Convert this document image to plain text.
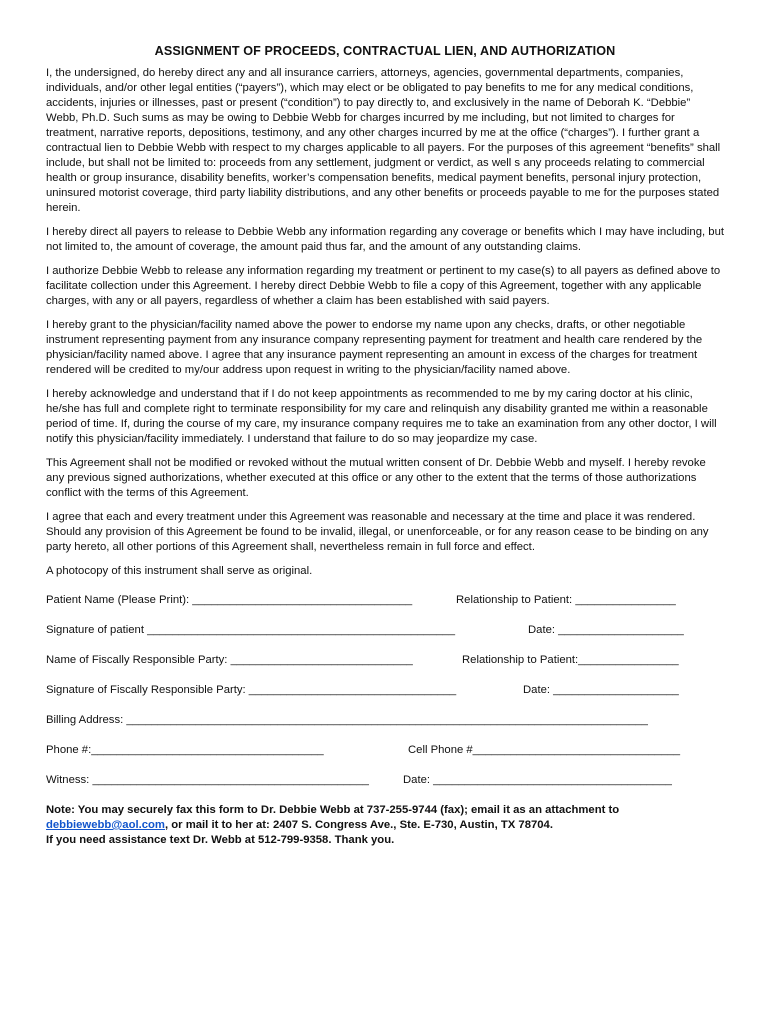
ASSIGNMENT OF PROCEEDS, CONTRACTUAL LIEN, AND AUTHORIZATION

I, the undersigned, do hereby direct any and all insurance carriers, attorneys, agencies, governmental departments, companies, individuals, and/or other legal entities (“payers”), which may elect or be obligated to pay benefits to me for any medical conditions, accidents, injuries or illnesses, past or present (“condition”) to pay directly to, and exclusively in the name of Deborah K. “Debbie” Webb, Ph.D. Such sums as may be owing to Debbie Webb for charges incurred by me including, but not limited to charges for treatment, narrative reports, depositions, testimony, and any other charges incurred by me at the office (“charges”). I further grant a contractual lien to Debbie Webb with respect to my charges applicable to all payers. For the purposes of this agreement “benefits” shall include, but shall not be limited to: proceeds from any settlement, judgment or verdict, as well s any proceeds relating to commercial health or group insurance, disability benefits, worker’s compensation benefits, medical payment benefits, personal injury protection, uninsured motorist coverage, third party liability distributions, and any other benefits or proceeds payable to me for the purposes stated herein.

I hereby direct all payers to release to Debbie Webb any information regarding any coverage or benefits which I may have including, but not limited to, the amount of coverage, the amount paid thus far, and the amount of any outstanding claims.

I authorize Debbie Webb to release any information regarding my treatment or pertinent to my case(s) to all payers as defined above to facilitate collection under this Agreement. I hereby direct Debbie Webb to file a copy of this Agreement, together with any applicable charges, with any or all payers, regardless of whether a claim has been established with said payers.

I hereby grant to the physician/facility named above the power to endorse my name upon any checks, drafts, or other negotiable instrument representing payment from any insurance company representing payment for treatment and health care rendered by the physician/facility named above. I agree that any insurance payment representing an amount in excess of the charges for treatment rendered will be credited to my/our address upon request in writing to the physician/facility named above.

I hereby acknowledge and understand that if I do not keep appointments as recommended to me by my caring doctor at his clinic, he/she has full and complete right to terminate responsibility for my care and relinquish any disability granted me within a reasonable period of time. If, during the course of my care, my insurance company requires me to take an examination from any other doctor, I will notify this physician/facility immediately. I understand that failure to do so may jeopardize my case.

This Agreement shall not be modified or revoked without the mutual written consent of Dr. Debbie Webb and myself. I hereby revoke any previous signed authorizations, whether executed at this office or any other to the extent that the terms of those authorizations conflict with the terms of this Agreement.

I agree that each and every treatment under this Agreement was reasonable and necessary at the time and place it was rendered. Should any provision of this Agreement be found to be invalid, illegal, or unenforceable, or for any reason cease to be binding on any party hereto, all other portions of this Agreement shall, nevertheless remain in full force and effect.

A photocopy of this instrument shall serve as original.

Patient Name (Please Print): ___________________________________	Relationship to Patient: ________________
Signature of patient _________________________________________________	Date: ____________________
Name of Fiscally Responsible Party: _____________________________	Relationship to Patient:________________
Signature of Fiscally Responsible Party: _________________________________	Date: ____________________
Billing Address: ___________________________________________________________________________________
Phone #:_____________________________________	Cell Phone #_________________________________
Witness: ____________________________________________	Date: ______________________________________
Note: You may securely fax this form to Dr. Debbie Webb at 737-255-9744 (fax); email it as an attachment to
debbiewebb@aol.com, or mail it to her at: 2407 S. Congress Ave., Ste. E-730, Austin, TX 78704.
If you need assistance text Dr. Webb at 512-799-9358. Thank you.
